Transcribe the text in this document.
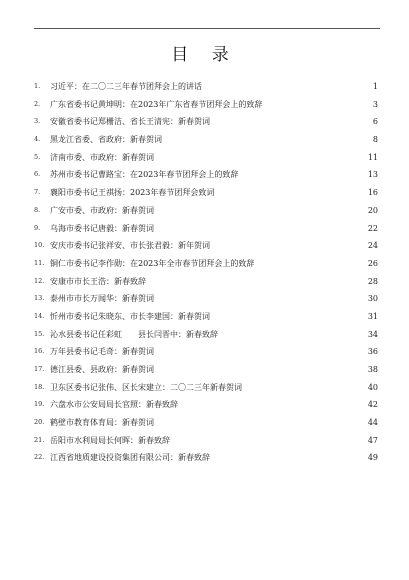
目 录
1.	习近平：在二〇二三年春节团拜会上的讲话	1
2.	广东省委书记黄坤明：在2023年广东省春节团拜会上的致辞	3
3.	安徽省委书记郑栅洁、省长王清宪：新春贺词	6
4.	黑龙江省委、省政府：新春贺词	8
5.	济南市委、市政府：新春贺词	11
6.	苏州市委书记曹路宝：在2023年春节团拜会上的致辞	13
7.	襄阳市委书记王祺扬：2023年春节团拜会致词	16
8.	广安市委、市政府：新春贺词	20
9.	乌海市委书记唐毅：新春贺词	22
10. 安庆市委书记张祥安、市长张君毅：新年贺词	24
11. 铜仁市委书记李作勋：在2023年全市春节团拜会上的致辞	26
12. 安康市市长王浩：新春致辞	28
13. 泰州市市长万闻华：新春贺词	30
14. 忻州市委书记朱晓东、市长李建国：新春贺词	31
15. 沁水县委书记任彩虹　　县长闫晋中：新春致辞	34
16. 万年县委书记毛奇：新春贺词	36
17. 德江县委、县政府：新春贺词	38
18. 卫东区委书记张伟、区长宋建立：二〇二三年新春贺词	40
19. 六盘水市公安局局长官照：新春致辞	42
20. 鹤壁市教育体育局：新春贺词	44
21. 岳阳市水利局局长何晖：新春致辞	47
22. 江西省地质建设投资集团有限公司：新春致辞	49
